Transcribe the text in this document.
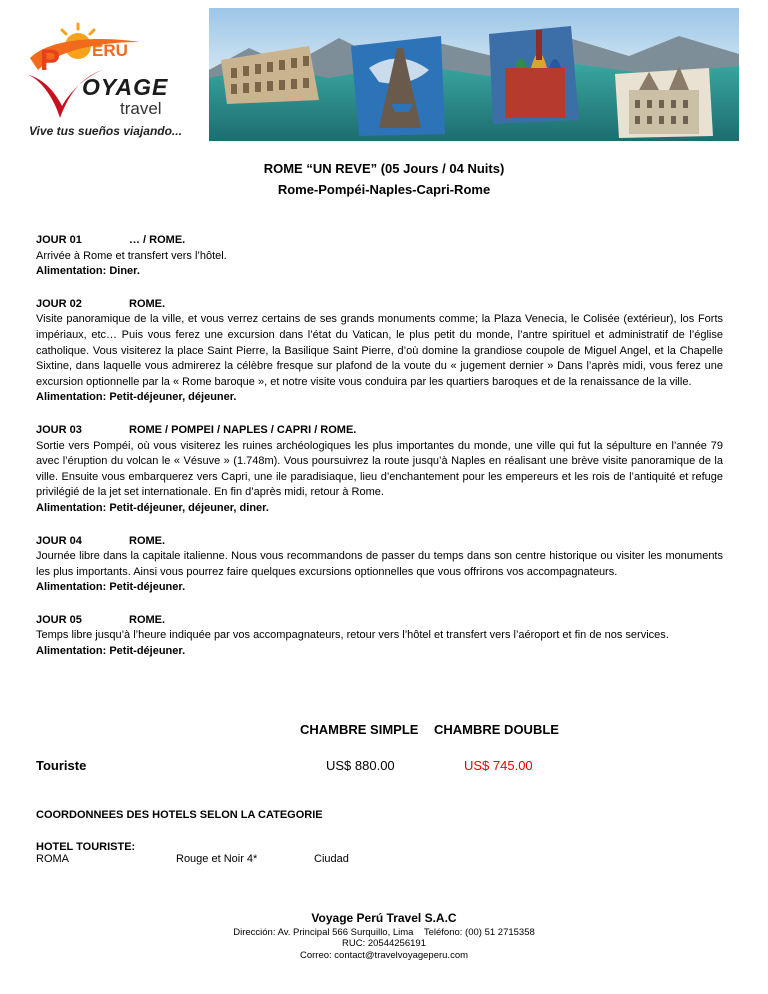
P ERU
OYAGE
travel
Vive tus sueños viajando...

ROME “UN REVE” (05 Jours / 04 Nuits)

Rome-Pompéi-Naples-Capri-Rome

JOUR 01	… / ROME.

Arrivée à Rome et transfert vers l’hôtel.

Alimentation: Diner.

JOUR 02	ROME.

Visite panoramique de la ville, et vous verrez certains de ses grands monuments comme; la Plaza Venecia, le Colisée (extérieur), los Forts impériaux, etc… Puis vous ferez une excursion dans l’état du Vatican, le plus petit du monde, l’antre spirituel et administratif de l’église catholique. Vous visiterez la place Saint Pierre, la Basilique Saint Pierre, d’où domine la grandiose coupole de Miguel Angel, et la Chapelle Sixtine, dans laquelle vous admirerez la célèbre fresque sur plafond de la voute du « jugement dernier » Dans l’après midi, vous ferez une excursion optionnelle par la « Rome baroque », et notre visite vous conduira par les quartiers baroques et de la renaissance de la ville.

Alimentation: Petit-déjeuner, déjeuner.

JOUR 03	ROME / POMPEI / NAPLES / CAPRI / ROME.

Sortie vers Pompéi, où vous visiterez les ruines archéologiques les plus importantes du monde, une ville qui fut la sépulture en l’année 79 avec l’éruption du volcan le « Vésuve » (1.748m). Vous poursuivrez la route jusqu’à Naples en réalisant une brève visite panoramique de la ville. Ensuite vous embarquerez vers Capri, une ile paradisiaque, lieu d’enchantement pour les empereurs et les rois de l’antiquité et refuge privilégié de la jet set internationale. En fin d’après midi, retour à Rome.

Alimentation: Petit-déjeuner, déjeuner, diner.

JOUR 04	ROME.

Journée libre dans la capitale italienne. Nous vous recommandons de passer du temps dans son centre historique ou visiter les monuments les plus importants. Ainsi vous pourrez faire quelques excursions optionnelles que vous offrirons vos accompagnateurs.

Alimentation: Petit-déjeuner.

JOUR 05	ROME.

Temps libre jusqu’à l’heure indiquée par vos accompagnateurs, retour vers l’hôtel et transfert vers l’aéroport et fin de nos services.

Alimentation: Petit-déjeuner.

CHAMBRE SIMPLE CHAMBRE DOUBLE
Touriste	US$ 880.00	US$ 745.00

COORDONNEES DES HOTELS SELON LA CATEGORIE

HOTEL TOURISTE:

ROMA	Rouge et Noir 4*	Ciudad
Voyage Perú Travel S.A.C
Dirección: Av. Principal 566 Surquillo, Lima Teléfono: (00) 51 2715358
RUC: 20544256191
Correo: contact@travelvoyageperu.com
